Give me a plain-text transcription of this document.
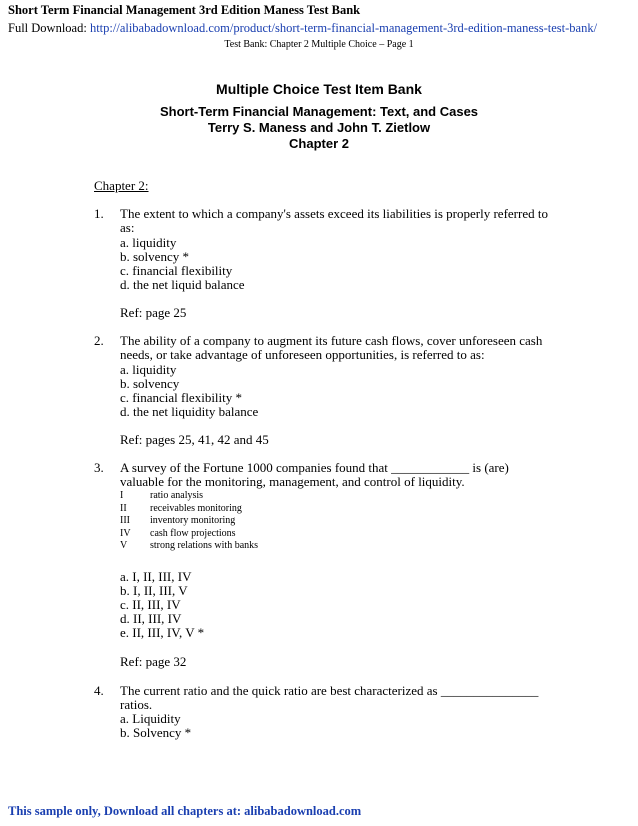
Short Term Financial Management 3rd Edition Maness Test Bank
Full Download: http://alibabadownload.com/product/short-term-financial-management-3rd-edition-maness-test-bank/
Test Bank: Chapter 2 Multiple Choice – Page 1
Multiple Choice Test Item Bank
Short-Term Financial Management: Text, and Cases
Terry S. Maness and John T. Zietlow
Chapter 2
Chapter 2:
1. The extent to which a company's assets exceed its liabilities is properly referred to
as:
a. liquidity
b. solvency *
c. financial flexibility
d. the net liquid balance
Ref: page 25
2. The ability of a company to augment its future cash flows, cover unforeseen cash
needs, or take advantage of unforeseen opportunities, is referred to as:
a. liquidity
b. solvency
c. financial flexibility *
d. the net liquidity balance
Ref: pages 25, 41, 42 and 45
3. A survey of the Fortune 1000 companies found that ____________ is (are)
valuable for the monitoring, management, and control of liquidity.
I	ratio analysis
II receivables monitoring
III inventory monitoring
IV cash flow projections
V strong relations with banks
a. I, II, III, IV
b. I, II, III, V
c. II, III, IV
d. II, III, IV
e. II, III, IV, V *
Ref: page 32
4. The current ratio and the quick ratio are best characterized as _______________
ratios.
a. Liquidity
b. Solvency *
This sample only, Download all chapters at: alibabadownload.com
